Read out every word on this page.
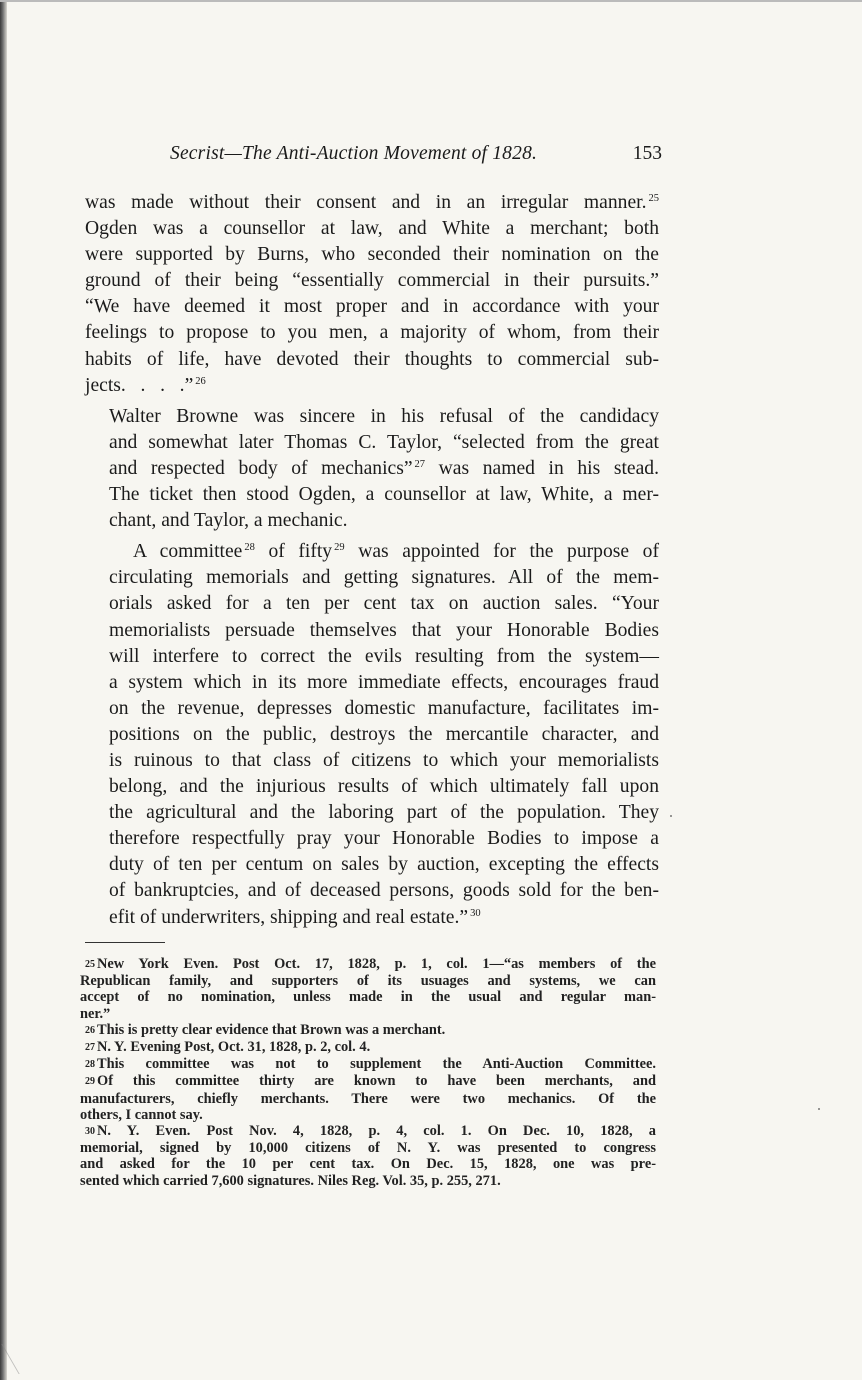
Secrist—The Anti-Auction Movement of 1828.	153

was made without their consent and in an irregular manner. $^{25}$
Ogden was a counsellor at law, and White a merchant; both
were supported by Burns, who seconded their nomination on the
ground of their being “essentially commercial in their pursuits.”
“We have deemed it most proper and in accordance with your
feelings to propose to you men, a majority of whom, from their
habits of life, have devoted their thoughts to commercial sub-
jects.   .   .   .” $^{26}$

Walter Browne was sincere in his refusal of the candidacy
and somewhat later Thomas C. Taylor, “selected from the great
and respected body of mechanics” $^{27}$ was named in his stead.
The ticket then stood Ogden, a counsellor at law, White, a mer-
chant, and Taylor, a mechanic.

A committee $^{28}$ of fifty $^{29}$ was appointed for the purpose of
circulating memorials and getting signatures. All of the mem-
orials asked for a ten per cent tax on auction sales. “Your
memorialists persuade themselves that your Honorable Bodies
will interfere to correct the evils resulting from the system—
a system which in its more immediate effects, encourages fraud
on the revenue, depresses domestic manufacture, facilitates im-
positions on the public, destroys the mercantile character, and
is ruinous to that class of citizens to which your memorialists
belong, and the injurious results of which ultimately fall upon
the agricultural and the laboring part of the population. They
therefore respectfully pray your Honorable Bodies to impose a
duty of ten per centum on sales by auction, excepting the effects
of bankruptcies, and of deceased persons, goods sold for the ben-
efit of underwriters, shipping and real estate.” $^{30}$

25 New York Even. Post Oct. 17, 1828, p. 1, col. 1—“as members of the
Republican family, and supporters of its usuages and systems, we can
accept of no nomination, unless made in the usual and regular man-
ner.”
26 This is pretty clear evidence that Brown was a merchant.
27 N. Y. Evening Post, Oct. 31, 1828, p. 2, col. 4.
28 This committee was not to supplement the Anti-Auction Committee.
29 Of this committee thirty are known to have been merchants, and
manufacturers, chiefly merchants. There were two mechanics. Of the
others, I cannot say.
30 N. Y. Even. Post Nov. 4, 1828, p. 4, col. 1. On Dec. 10, 1828, a
memorial, signed by 10,000 citizens of N. Y. was presented to congress
and asked for the 10 per cent tax. On Dec. 15, 1828, one was pre-
sented which carried 7,600 signatures. Niles Reg. Vol. 35, p. 255, 271.
